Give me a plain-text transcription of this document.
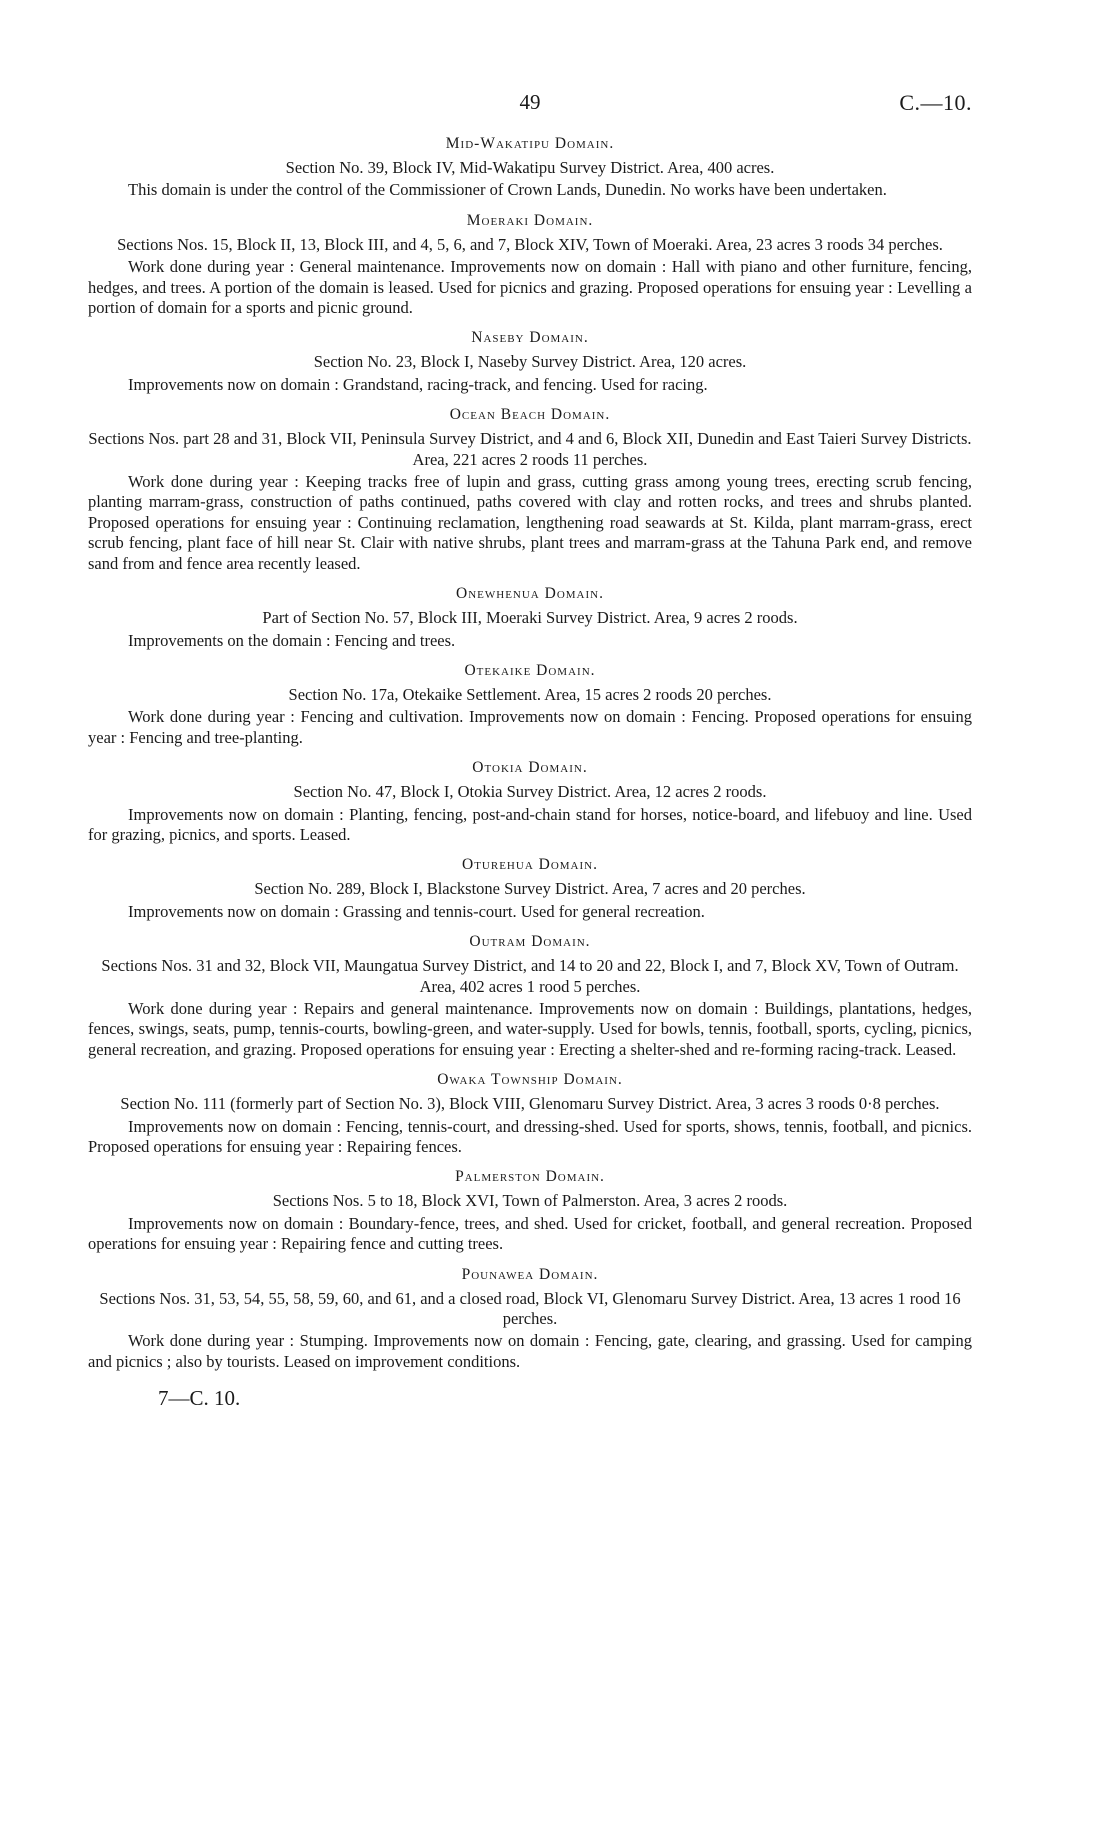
49	C.—10.
Mid-Wakatipu Domain.

Section No. 39, Block IV, Mid-Wakatipu Survey District. Area, 400 acres.

This domain is under the control of the Commissioner of Crown Lands, Dunedin. No works have been undertaken.

Moeraki Domain.

Sections Nos. 15, Block II, 13, Block III, and 4, 5, 6, and 7, Block XIV, Town of Moeraki. Area, 23 acres 3 roods 34 perches.

Work done during year : General maintenance. Improvements now on domain : Hall with piano and other furniture, fencing, hedges, and trees. A portion of the domain is leased. Used for picnics and grazing. Proposed operations for ensuing year : Levelling a portion of domain for a sports and picnic ground.

Naseby Domain.

Section No. 23, Block I, Naseby Survey District. Area, 120 acres.

Improvements now on domain : Grandstand, racing-track, and fencing. Used for racing.

Ocean Beach Domain.

Sections Nos. part 28 and 31, Block VII, Peninsula Survey District, and 4 and 6, Block XII, Dunedin and East Taieri Survey Districts. Area, 221 acres 2 roods 11 perches.

Work done during year : Keeping tracks free of lupin and grass, cutting grass among young trees, erecting scrub fencing, planting marram-grass, construction of paths continued, paths covered with clay and rotten rocks, and trees and shrubs planted. Proposed operations for ensuing year : Continuing reclamation, lengthening road seawards at St. Kilda, plant marram-grass, erect scrub fencing, plant face of hill near St. Clair with native shrubs, plant trees and marram-grass at the Tahuna Park end, and remove sand from and fence area recently leased.

Onewhenua Domain.

Part of Section No. 57, Block III, Moeraki Survey District. Area, 9 acres 2 roods.

Improvements on the domain : Fencing and trees.

Otekaike Domain.

Section No. 17a, Otekaike Settlement. Area, 15 acres 2 roods 20 perches.

Work done during year : Fencing and cultivation. Improvements now on domain : Fencing. Proposed operations for ensuing year : Fencing and tree-planting.

Otokia Domain.

Section No. 47, Block I, Otokia Survey District. Area, 12 acres 2 roods.

Improvements now on domain : Planting, fencing, post-and-chain stand for horses, notice-board, and lifebuoy and line. Used for grazing, picnics, and sports. Leased.

Oturehua Domain.

Section No. 289, Block I, Blackstone Survey District. Area, 7 acres and 20 perches.

Improvements now on domain : Grassing and tennis-court. Used for general recreation.

Outram Domain.

Sections Nos. 31 and 32, Block VII, Maungatua Survey District, and 14 to 20 and 22, Block I, and 7, Block XV, Town of Outram. Area, 402 acres 1 rood 5 perches.

Work done during year : Repairs and general maintenance. Improvements now on domain : Buildings, plantations, hedges, fences, swings, seats, pump, tennis-courts, bowling-green, and water-supply. Used for bowls, tennis, football, sports, cycling, picnics, general recreation, and grazing. Proposed operations for ensuing year : Erecting a shelter-shed and re-forming racing-track. Leased.

Owaka Township Domain.

Section No. 111 (formerly part of Section No. 3), Block VIII, Glenomaru Survey District. Area, 3 acres 3 roods 0·8 perches.

Improvements now on domain : Fencing, tennis-court, and dressing-shed. Used for sports, shows, tennis, football, and picnics. Proposed operations for ensuing year : Repairing fences.

Palmerston Domain.

Sections Nos. 5 to 18, Block XVI, Town of Palmerston. Area, 3 acres 2 roods.

Improvements now on domain : Boundary-fence, trees, and shed. Used for cricket, football, and general recreation. Proposed operations for ensuing year : Repairing fence and cutting trees.

Pounawea Domain.

Sections Nos. 31, 53, 54, 55, 58, 59, 60, and 61, and a closed road, Block VI, Glenomaru Survey District. Area, 13 acres 1 rood 16 perches.

Work done during year : Stumping. Improvements now on domain : Fencing, gate, clearing, and grassing. Used for camping and picnics ; also by tourists. Leased on improvement conditions.

7—C. 10.
